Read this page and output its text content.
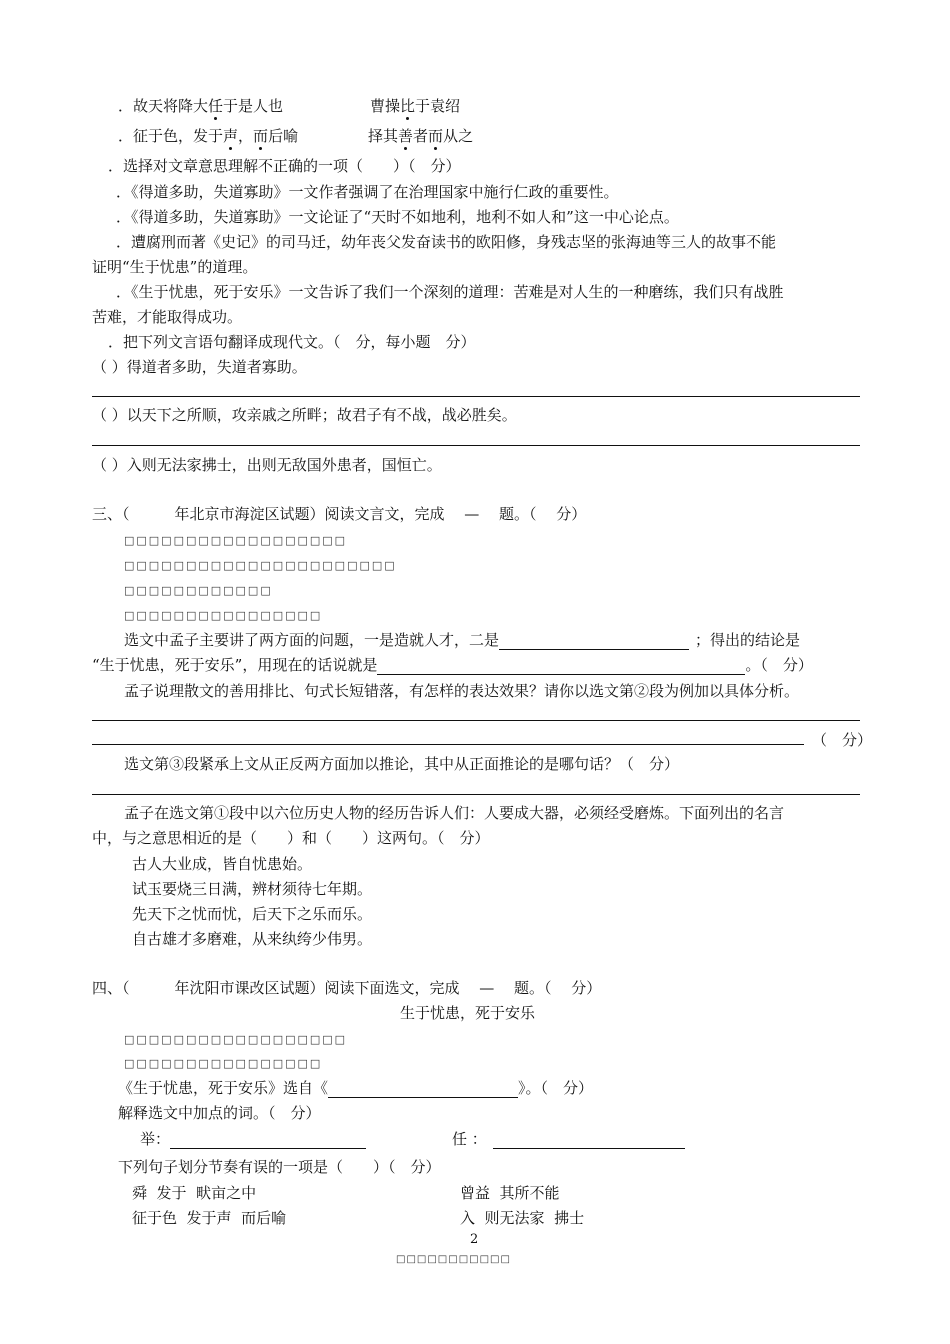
．故天将降大任于是人也	曹操比于袁绍
．征于色，发于声，而后喻	择其善者而从之
．选择对文章意思理解不正确的一项（　　）（　分）
．《得道多助，失道寡助》一文作者强调了在治理国家中施行仁政的重要性。
．《得道多助，失道寡助》一文论证了“天时不如地利，地利不如人和”这一中心论点。
．遭腐刑而著《史记》的司马迁，幼年丧父发奋读书的欧阳修，身残志坚的张海迪等三人的故事不能
证明“生于忧患”的道理。
．《生于忧患，死于安乐》一文告诉了我们一个深刻的道理：苦难是对人生的一种磨练，我们只有战胜
苦难，才能取得成功。
．把下列文言语句翻译成现代文。（　分，每小题　分）
（ ）得道者多助，失道者寡助。
（ ）以天下之所顺，攻亲戚之所畔；故君子有不战，战必胜矣。
（ ）入则无法家拂士，出则无敌国外患者，国恒亡。
三、（　　　年北京市海淀区试题）阅读文言文，完成　 —　 题。（　 分）
□□□□□□□□□□□□□□□□□□
□□□□□□□□□□□□□□□□□□□□□□
□□□□□□□□□□□□
□□□□□□□□□□□□□□□□
选文中孟子主要讲了两方面的问题，一是造就人才，二是	；得出的结论是
“生于忧患，死于安乐”，用现在的话说就是	。（　分）
孟子说理散文的善用排比、句式长短错落，有怎样的表达效果？请你以选文第②段为例加以具体分析。
（　分）
选文第③段紧承上文从正反两方面加以推论，其中从正面推论的是哪句话？（　分）
孟子在选文第①段中以六位历史人物的经历告诉人们：人要成大器，必须经受磨炼。下面列出的名言
中，与之意思相近的是（　　）和（　　）这两句。（　分）
古人大业成，皆自忧患始。
试玉要烧三日满，辨材须待七年期。
先天下之忧而忧，后天下之乐而乐。
自古雄才多磨难，从来纨绔少伟男。
四、（　　　年沈阳市课改区试题）阅读下面选文，完成　 —　 题。（　 分）
生于忧患，死于安乐
□□□□□□□□□□□□□□□□□□
□□□□□□□□□□□□□□□□
《生于忧患，死于安乐》选自《	》。（　分）
解释选文中加点的词。（　分）
举：	任 ：
下列句子划分节奏有误的一项是（　　）（　分）
舜  发于  畎亩之中	曾益  其所不能
征于色  发于声  而后喻	入  则无法家  拂士
2
□□□□□□□□□□□
